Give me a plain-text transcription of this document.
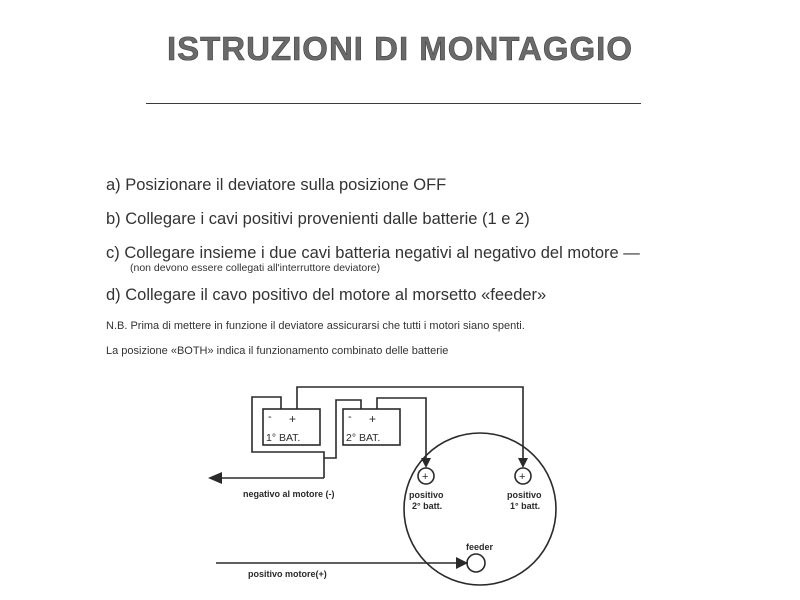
ISTRUZIONI DI MONTAGGIO
a) Posizionare il deviatore sulla posizione OFF
b) Collegare i cavi positivi provenienti dalle batterie (1 e 2)
c) Collegare insieme i due cavi batteria negativi al negativo del motore —
(non devono essere collegati all'interruttore deviatore)
d) Collegare il cavo positivo del motore al morsetto «feeder»
N.B. Prima di mettere in funzione il deviatore assicurarsi che tutti i motori siano spenti.
La posizione «BOTH» indica il funzionamento combinato delle batterie
- +
1° BAT.
- +
2° BAT.
+	+
positivo
2° batt.
positivo
1° batt.
feeder
negativo al motore (-)
positivo motore(+)
